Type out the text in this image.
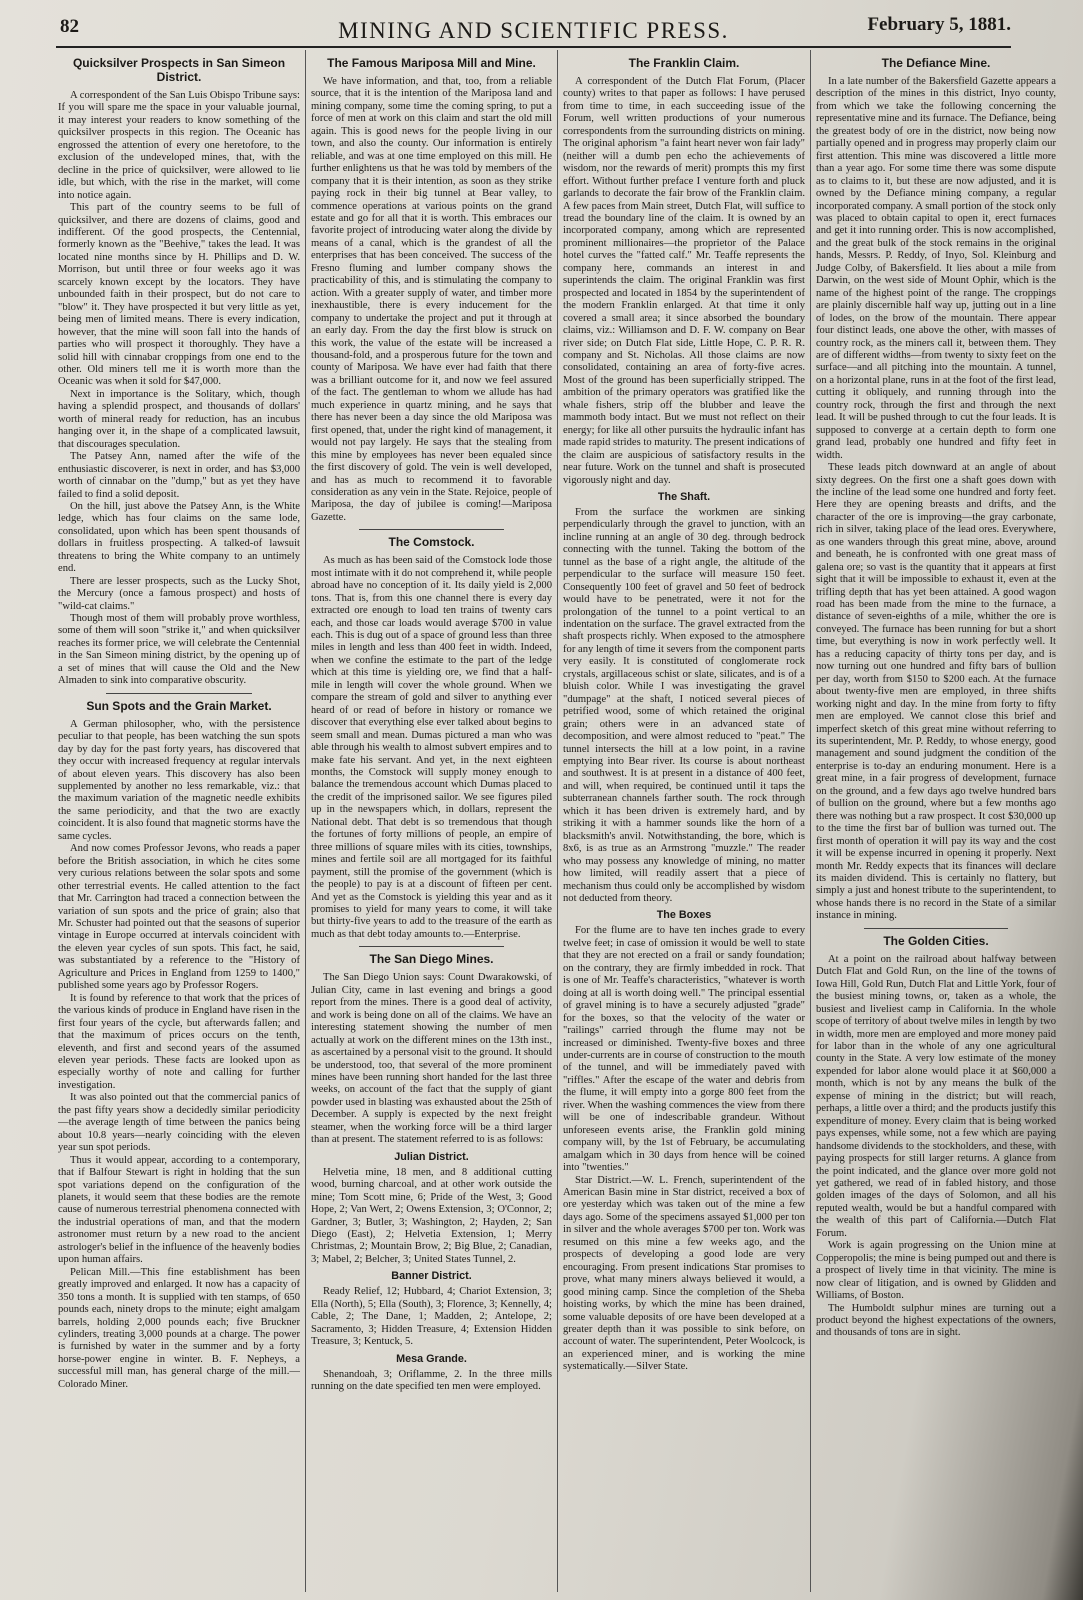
82	MINING AND SCIENTIFIC PRESS.	February 5, 1881.
Quicksilver Prospects in San Simeon District.

A correspondent of the San Luis Obispo Tribune says: If you will spare me the space in your valuable journal, it may interest your readers to know something of the quicksilver prospects in this region. The Oceanic has engrossed the attention of every one heretofore, to the exclusion of the undeveloped mines, that, with the decline in the price of quicksilver, were allowed to lie idle, but which, with the rise in the market, will come into notice again.

This part of the country seems to be full of quicksilver, and there are dozens of claims, good and indifferent. Of the good prospects, the Centennial, formerly known as the "Beehive," takes the lead. It was located nine months since by H. Phillips and D. W. Morrison, but until three or four weeks ago it was scarcely known except by the locators. They have unbounded faith in their prospect, but do not care to "blow" it. They have prospected it but very little as yet, being men of limited means. There is every indication, however, that the mine will soon fall into the hands of parties who will prospect it thoroughly. They have a solid hill with cinnabar croppings from one end to the other. Old miners tell me it is worth more than the Oceanic was when it sold for $47,000.

Next in importance is the Solitary, which, though having a splendid prospect, and thousands of dollars' worth of mineral ready for reduction, has an incubus hanging over it, in the shape of a complicated lawsuit, that discourages speculation.

The Patsey Ann, named after the wife of the enthusiastic discoverer, is next in order, and has $3,000 worth of cinnabar on the "dump," but as yet they have failed to find a solid deposit.

On the hill, just above the Patsey Ann, is the White ledge, which has four claims on the same lode, consolidated, upon which has been spent thousands of dollars in fruitless prospecting. A talked-of lawsuit threatens to bring the White company to an untimely end.

There are lesser prospects, such as the Lucky Shot, the Mercury (once a famous prospect) and hosts of "wild-cat claims."

Though most of them will probably prove worthless, some of them will soon "strike it," and when quicksilver reaches its former price, we will celebrate the Centennial in the San Simeon mining district, by the opening up of a set of mines that will cause the Old and the New Almaden to sink into comparative obscurity.

Sun Spots and the Grain Market.

A German philosopher, who, with the persistence peculiar to that people, has been watching the sun spots day by day for the past forty years, has discovered that they occur with increased frequency at regular intervals of about eleven years. This discovery has also been supplemented by another no less remarkable, viz.: that the maximum variation of the magnetic needle exhibits the same periodicity, and that the two are exactly coincident. It is also found that magnetic storms have the same cycles.

And now comes Professor Jevons, who reads a paper before the British association, in which he cites some very curious relations between the solar spots and some other terrestrial events. He called attention to the fact that Mr. Carrington had traced a connection between the variation of sun spots and the price of grain; also that Mr. Schuster had pointed out that the seasons of superior vintage in Europe occurred at intervals coincident with the eleven year cycles of sun spots. This fact, he said, was substantiated by a reference to the "History of Agriculture and Prices in England from 1259 to 1400," published some years ago by Professor Rogers.

It is found by reference to that work that the prices of the various kinds of produce in England have risen in the first four years of the cycle, but afterwards fallen; and that the maximum of prices occurs on the tenth, eleventh, and first and second years of the assumed eleven year periods. These facts are looked upon as especially worthy of note and calling for further investigation.

It was also pointed out that the commercial panics of the past fifty years show a decidedly similar periodicity—the average length of time between the panics being about 10.8 years—nearly coinciding with the eleven year sun spot periods.

Thus it would appear, according to a contemporary, that if Balfour Stewart is right in holding that the sun spot variations depend on the configuration of the planets, it would seem that these bodies are the remote cause of numerous terrestrial phenomena connected with the industrial operations of man, and that the modern astronomer must return by a new road to the ancient astrologer's belief in the influence of the heavenly bodies upon human affairs.

Pelican Mill.—This fine establishment has been greatly improved and enlarged. It now has a capacity of 350 tons a month. It is supplied with ten stamps, of 650 pounds each, ninety drops to the minute; eight amalgam barrels, holding 2,000 pounds each; five Bruckner cylinders, treating 3,000 pounds at a charge. The power is furnished by water in the summer and by a forty horse-power engine in winter. B. F. Nepheys, a successful mill man, has general charge of the mill.—Colorado Miner.

The Famous Mariposa Mill and Mine.

We have information, and that, too, from a reliable source, that it is the intention of the Mariposa land and mining company, some time the coming spring, to put a force of men at work on this claim and start the old mill again. This is good news for the people living in our town, and also the county. Our information is entirely reliable, and was at one time employed on this mill. He further enlightens us that he was told by members of the company that it is their intention, as soon as they strike paying rock in their big tunnel at Bear valley, to commence operations at various points on the grand estate and go for all that it is worth. This embraces our favorite project of introducing water along the divide by means of a canal, which is the grandest of all the enterprises that has been conceived. The success of the Fresno fluming and lumber company shows the practicability of this, and is stimulating the company to action. With a greater supply of water, and timber more inexhaustible, there is every inducement for the company to undertake the project and put it through at an early day. From the day the first blow is struck on this work, the value of the estate will be increased a thousand-fold, and a prosperous future for the town and county of Mariposa. We have ever had faith that there was a brilliant outcome for it, and now we feel assured of the fact. The gentleman to whom we allude has had much experience in quartz mining, and he says that there has never been a day since the old Mariposa was first opened, that, under the right kind of management, it would not pay largely. He says that the stealing from this mine by employees has never been equaled since the first discovery of gold. The vein is well developed, and has as much to recommend it to favorable consideration as any vein in the State. Rejoice, people of Mariposa, the day of jubilee is coming!—Mariposa Gazette.

The Comstock.

As much as has been said of the Comstock lode those most intimate with it do not comprehend it, while people abroad have no conception of it. Its daily yield is 2,000 tons. That is, from this one channel there is every day extracted ore enough to load ten trains of twenty cars each, and those car loads would average $700 in value each. This is dug out of a space of ground less than three miles in length and less than 400 feet in width. Indeed, when we confine the estimate to the part of the ledge which at this time is yielding ore, we find that a half-mile in length will cover the whole ground. When we compare the stream of gold and silver to anything ever heard of or read of before in history or romance we discover that everything else ever talked about begins to seem small and mean. Dumas pictured a man who was able through his wealth to almost subvert empires and to make fate his servant. And yet, in the next eighteen months, the Comstock will supply money enough to balance the tremendous account which Dumas placed to the credit of the imprisoned sailor. We see figures piled up in the newspapers which, in dollars, represent the National debt. That debt is so tremendous that though the fortunes of forty millions of people, an empire of three millions of square miles with its cities, townships, mines and fertile soil are all mortgaged for its faithful payment, still the promise of the government (which is the people) to pay is at a discount of fifteen per cent. And yet as the Comstock is yielding this year and as it promises to yield for many years to come, it will take but thirty-five years to add to the treasure of the earth as much as that debt today amounts to.—Enterprise.

The San Diego Mines.

The San Diego Union says: Count Dwarakowski, of Julian City, came in last evening and brings a good report from the mines. There is a good deal of activity, and work is being done on all of the claims. We have an interesting statement showing the number of men actually at work on the different mines on the 13th inst., as ascertained by a personal visit to the ground. It should be understood, too, that several of the more prominent mines have been running short handed for the last three weeks, on account of the fact that the supply of giant powder used in blasting was exhausted about the 25th of December. A supply is expected by the next freight steamer, when the working force will be a third larger than at present. The statement referred to is as follows:

Julian District.

Helvetia mine, 18 men, and 8 additional cutting wood, burning charcoal, and at other work outside the mine; Tom Scott mine, 6; Pride of the West, 3; Good Hope, 2; Van Wert, 2; Owens Extension, 3; O'Connor, 2; Gardner, 3; Butler, 3; Washington, 2; Hayden, 2; San Diego (East), 2; Helvetia Extension, 1; Merry Christmas, 2; Mountain Brow, 2; Big Blue, 2; Canadian, 3; Mabel, 2; Belcher, 3; United States Tunnel, 2.

Banner District.

Ready Relief, 12; Hubbard, 4; Chariot Extension, 3; Ella (North), 5; Ella (South), 3; Florence, 3; Kennelly, 4; Cable, 2; The Dane, 1; Madden, 2; Antelope, 2; Sacramento, 3; Hidden Treasure, 4; Extension Hidden Treasure, 3; Kentuck, 5.

Mesa Grande.

Shenandoah, 3; Oriflamme, 2. In the three mills running on the date specified ten men were employed.

The Franklin Claim.

A correspondent of the Dutch Flat Forum, (Placer county) writes to that paper as follows: I have perused from time to time, in each succeeding issue of the Forum, well written productions of your numerous correspondents from the surrounding districts on mining. The original aphorism "a faint heart never won fair lady" (neither will a dumb pen echo the achievements of wisdom, nor the rewards of merit) prompts this my first effort. Without further preface I venture forth and pluck garlands to decorate the fair brow of the Franklin claim. A few paces from Main street, Dutch Flat, will suffice to tread the boundary line of the claim. It is owned by an incorporated company, among which are represented prominent millionaires—the proprietor of the Palace hotel curves the "fatted calf." Mr. Teaffe represents the company here, commands an interest in and superintends the claim. The original Franklin was first prospected and located in 1854 by the superintendent of the modern Franklin enlarged. At that time it only covered a small area; it since absorbed the boundary claims, viz.: Williamson and D. F. W. company on Bear river side; on Dutch Flat side, Little Hope, C. P. R. R. company and St. Nicholas. All those claims are now consolidated, containing an area of forty-five acres. Most of the ground has been superficially stripped. The ambition of the primary operators was gratified like the whale fishers, strip off the blubber and leave the mammoth body intact. But we must not reflect on their energy; for like all other pursuits the hydraulic infant has made rapid strides to maturity. The present indications of the claim are auspicious of satisfactory results in the near future. Work on the tunnel and shaft is prosecuted vigorously night and day.

The Shaft.

From the surface the workmen are sinking perpendicularly through the gravel to junction, with an incline running at an angle of 30 deg. through bedrock connecting with the tunnel. Taking the bottom of the tunnel as the base of a right angle, the altitude of the perpendicular to the surface will measure 150 feet. Consequently 100 feet of gravel and 50 feet of bedrock would have to be penetrated, were it not for the prolongation of the tunnel to a point vertical to an indentation on the surface. The gravel extracted from the shaft prospects richly. When exposed to the atmosphere for any length of time it severs from the component parts very easily. It is constituted of conglomerate rock crystals, argillaceous schist or slate, silicates, and is of a bluish color. While I was investigating the gravel "dumpage" at the shaft, I noticed several pieces of petrified wood, some of which retained the original grain; others were in an advanced state of decomposition, and were almost reduced to "peat." The tunnel intersects the hill at a low point, in a ravine emptying into Bear river. Its course is about northeast and southwest. It is at present in a distance of 400 feet, and will, when required, be continued until it taps the subterranean channels farther south. The rock through which it has been driven is extremely hard, and by striking it with a hammer sounds like the horn of a blacksmith's anvil. Notwithstanding, the bore, which is 8x6, is as true as an Armstrong "muzzle." The reader who may possess any knowledge of mining, no matter how limited, will readily assert that a piece of mechanism thus could only be accomplished by wisdom not deducted from theory.

The Boxes

For the flume are to have ten inches grade to every twelve feet; in case of omission it would be well to state that they are not erected on a frail or sandy foundation; on the contrary, they are firmly imbedded in rock. That is one of Mr. Teaffe's characteristics, "whatever is worth doing at all is worth doing well." The principal essential of gravel mining is to have a securely adjusted "grade" for the boxes, so that the velocity of the water or "railings" carried through the flume may not be increased or diminished. Twenty-five boxes and three under-currents are in course of construction to the mouth of the tunnel, and will be immediately paved with "riffles." After the escape of the water and debris from the flume, it will empty into a gorge 800 feet from the river. When the washing commences the view from there will be one of indescribable grandeur. Without unforeseen events arise, the Franklin gold mining company will, by the 1st of February, be accumulating amalgam which in 30 days from hence will be coined into "twenties."

Star District.—W. L. French, superintendent of the American Basin mine in Star district, received a box of ore yesterday which was taken out of the mine a few days ago. Some of the specimens assayed $1,000 per ton in silver and the whole averages $700 per ton. Work was resumed on this mine a few weeks ago, and the prospects of developing a good lode are very encouraging. From present indications Star promises to prove, what many miners always believed it would, a good mining camp. Since the completion of the Sheba hoisting works, by which the mine has been drained, some valuable deposits of ore have been developed at a greater depth than it was possible to sink before, on account of water. The superintendent, Peter Woolcock, is an experienced miner, and is working the mine systematically.—Silver State.

The Defiance Mine.

In a late number of the Bakersfield Gazette appears a description of the mines in this district, Inyo county, from which we take the following concerning the representative mine and its furnace. The Defiance, being the greatest body of ore in the district, now being now partially opened and in progress may properly claim our first attention. This mine was discovered a little more than a year ago. For some time there was some dispute as to claims to it, but these are now adjusted, and it is owned by the Defiance mining company, a regular incorporated company. A small portion of the stock only was placed to obtain capital to open it, erect furnaces and get it into running order. This is now accomplished, and the great bulk of the stock remains in the original hands, Messrs. P. Reddy, of Inyo, Sol. Kleinburg and Judge Colby, of Bakersfield. It lies about a mile from Darwin, on the west side of Mount Ophir, which is the name of the highest point of the range. The croppings are plainly discernible half way up, jutting out in a line of lodes, on the brow of the mountain. There appear four distinct leads, one above the other, with masses of country rock, as the miners call it, between them. They are of different widths—from twenty to sixty feet on the surface—and all pitching into the mountain. A tunnel, on a horizontal plane, runs in at the foot of the first lead, cutting it obliquely, and running through into the country rock, through the first and through the next lead. It will be pushed through to cut the four leads. It is supposed to converge at a certain depth to form one grand lead, probably one hundred and fifty feet in width.

These leads pitch downward at an angle of about sixty degrees. On the first one a shaft goes down with the incline of the lead some one hundred and forty feet. Here they are opening breasts and drifts, and the character of the ore is improving—the gray carbonate, rich in silver, taking place of the lead ores. Everywhere, as one wanders through this great mine, above, around and beneath, he is confronted with one great mass of galena ore; so vast is the quantity that it appears at first sight that it will be impossible to exhaust it, even at the trifling depth that has yet been attained. A good wagon road has been made from the mine to the furnace, a distance of seven-eighths of a mile, whither the ore is conveyed. The furnace has been running for but a short time, but everything is now in work perfectly well. It has a reducing capacity of thirty tons per day, and is now turning out one hundred and fifty bars of bullion per day, worth from $150 to $200 each. At the furnace about twenty-five men are employed, in three shifts working night and day. In the mine from forty to fifty men are employed. We cannot close this brief and imperfect sketch of this great mine without referring to its superintendent, Mr. P. Reddy, to whose energy, good management and sound judgment the condition of the enterprise is to-day an enduring monument. Here is a great mine, in a fair progress of development, furnace on the ground, and a few days ago twelve hundred bars of bullion on the ground, where but a few months ago there was nothing but a raw prospect. It cost $30,000 up to the time the first bar of bullion was turned out. The first month of operation it will pay its way and the cost it will be expense incurred in opening it properly. Next month Mr. Reddy expects that its finances will declare its maiden dividend. This is certainly no flattery, but simply a just and honest tribute to the superintendent, to whose hands there is no record in the State of a similar instance in mining.

The Golden Cities.

At a point on the railroad about halfway between Dutch Flat and Gold Run, on the line of the towns of Iowa Hill, Gold Run, Dutch Flat and Little York, four of the busiest mining towns, or, taken as a whole, the busiest and liveliest camp in California. In the whole scope of territory of about twelve miles in length by two in width, more men are employed and more money paid for labor than in the whole of any one agricultural county in the State. A very low estimate of the money expended for labor alone would place it at $60,000 a month, which is not by any means the bulk of the expense of mining in the district; but will reach, perhaps, a little over a third; and the products justify this expenditure of money. Every claim that is being worked pays expenses, while some, not a few which are paying handsome dividends to the stockholders, and these, with paying prospects for still larger returns. A glance from the point indicated, and the glance over more gold not yet gathered, we read of in fabled history, and those golden images of the days of Solomon, and all his reputed wealth, would be but a handful compared with the wealth of this part of California.—Dutch Flat Forum.

Work is again progressing on the Union mine at Copperopolis; the mine is being pumped out and there is a prospect of lively time in that vicinity. The mine is now clear of litigation, and is owned by Glidden and Williams, of Boston.

The Humboldt sulphur mines are turning out a product beyond the highest expectations of the owners, and thousands of tons are in sight.
